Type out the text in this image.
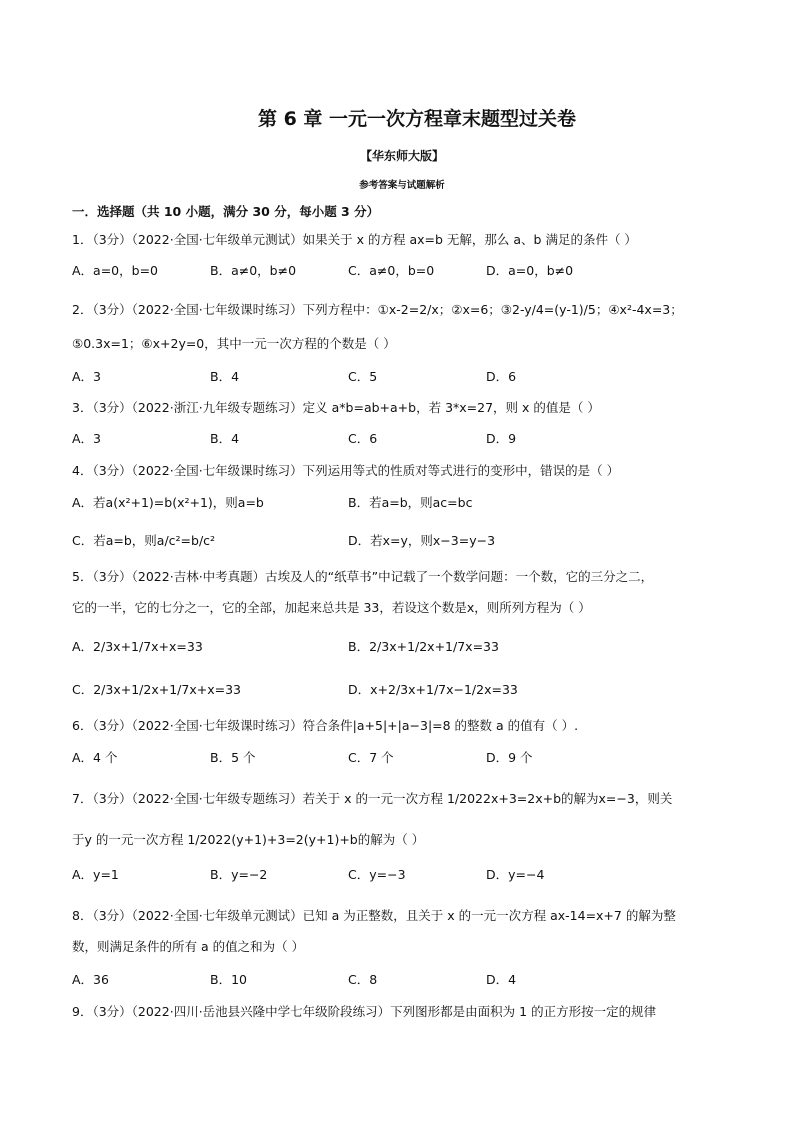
第 6 章 一元一次方程章末题型过关卷
【华东师大版】
参考答案与试题解析
一．选择题（共 10 小题，满分 30 分，每小题 3 分）
1．（3分）（2022·全国·七年级单元测试）如果关于 x 的方程 ax=b 无解，那么 a、b 满足的条件（ ）
A．a=0，b=0	B．a≠0，b≠0	C．a≠0，b=0	D．a=0，b≠0
2．（3分）（2022·全国·七年级课时练习）下列方程中：①x-2=2/x；②x=6；③2-y/4=(y-1)/5；④x²-4x=3；
⑤0.3x=1；⑥x+2y=0，其中一元一次方程的个数是（ ）
A．3	B．4	C．5	D．6
3．（3分）（2022·浙江·九年级专题练习）定义 a*b=ab+a+b，若 3*x=27，则 x 的值是（ ）
A．3	B．4	C．6	D．9
4．（3分）（2022·全国·七年级课时练习）下列运用等式的性质对等式进行的变形中，错误的是（ ）
A．若a(x²+1)=b(x²+1)，则a=b	B．若a=b，则ac=bc
C．若a=b，则a/c²=b/c²	D．若x=y，则x−3=y−3
5．（3分）（2022·吉林·中考真题）古埃及人的“纸草书”中记载了一个数学问题：一个数，它的三分之二，
它的一半，它的七分之一，它的全部，加起来总共是 33，若设这个数是x，则所列方程为（ ）
A．2/3x+1/7x+x=33	B．2/3x+1/2x+1/7x=33
C．2/3x+1/2x+1/7x+x=33	D．x+2/3x+1/7x−1/2x=33
6．（3分）（2022·全国·七年级课时练习）符合条件|a+5|+|a−3|=8 的整数 a 的值有（ ）.
A．4 个	B．5 个	C．7 个	D．9 个
7．（3分）（2022·全国·七年级专题练习）若关于 x 的一元一次方程 1/2022x+3=2x+b的解为x=−3，则关
于y 的一元一次方程 1/2022(y+1)+3=2(y+1)+b的解为（ ）
A．y=1	B．y=−2	C．y=−3	D．y=−4
8．（3分）（2022·全国·七年级单元测试）已知 a 为正整数，且关于 x 的一元一次方程 ax-14=x+7 的解为整
数，则满足条件的所有 a 的值之和为（ ）
A．36	B．10	C．8	D．4
9．（3分）（2022·四川·岳池县兴隆中学七年级阶段练习）下列图形都是由面积为 1 的正方形按一定的规律
